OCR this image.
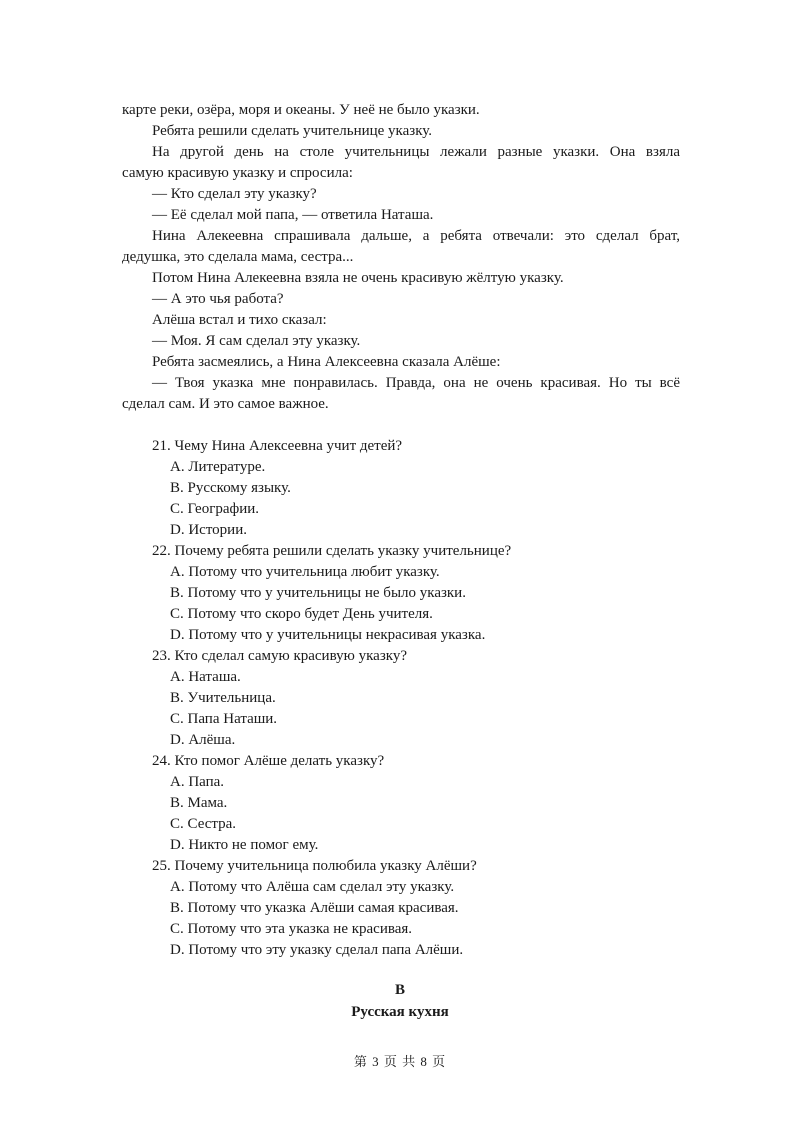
карте реки, озёра, моря и океаны. У неё не было указки.
Ребята решили сделать учительнице указку.
На другой день на столе учительницы лежали разные указки. Она взяла
самую красивую указку и спросила:
— Кто сделал эту указку?
— Её сделал мой папа, — ответила Наташа.
Нина Алекеевна спрашивала дальше, а ребята отвечали: это сделал брат,
дедушка, это сделала мама, сестра...
Потом Нина Алекеевна взяла не очень красивую жёлтую указку.
— А это чья работа?
Алёша встал и тихо сказал:
— Моя. Я сам сделал эту указку.
Ребята засмеялись, а Нина Алексеевна сказала Алёше:
— Твоя указка мне понравилась. Правда, она не очень красивая. Но ты всё
сделал сам. И это самое важное.
21. Чему Нина Алексеевна учит детей?
A. Литературе.
B. Русскому языку.
C. Географии.
D. Истории.
22. Почему ребята решили сделать указку учительнице?
A. Потому что учительница любит указку.
B. Потому что у учительницы не было указки.
C. Потому что скоро будет День учителя.
D. Потому что у учительницы некрасивая указка.
23. Кто сделал самую красивую указку?
A. Наташа.
B. Учительница.
C. Папа Наташи.
D. Алёша.
24. Кто помог Алёше делать указку?
A. Папа.
B. Мама.
C. Сестра.
D. Никто не помог ему.
25. Почему учительница полюбила указку Алёши?
A. Потому что Алёша сам сделал эту указку.
B. Потому что указка Алёши самая красивая.
C. Потому что эта указка не красивая.
D. Потому что эту указку сделал папа Алёши.
B
Русская кухня
第 3 页 共 8 页
